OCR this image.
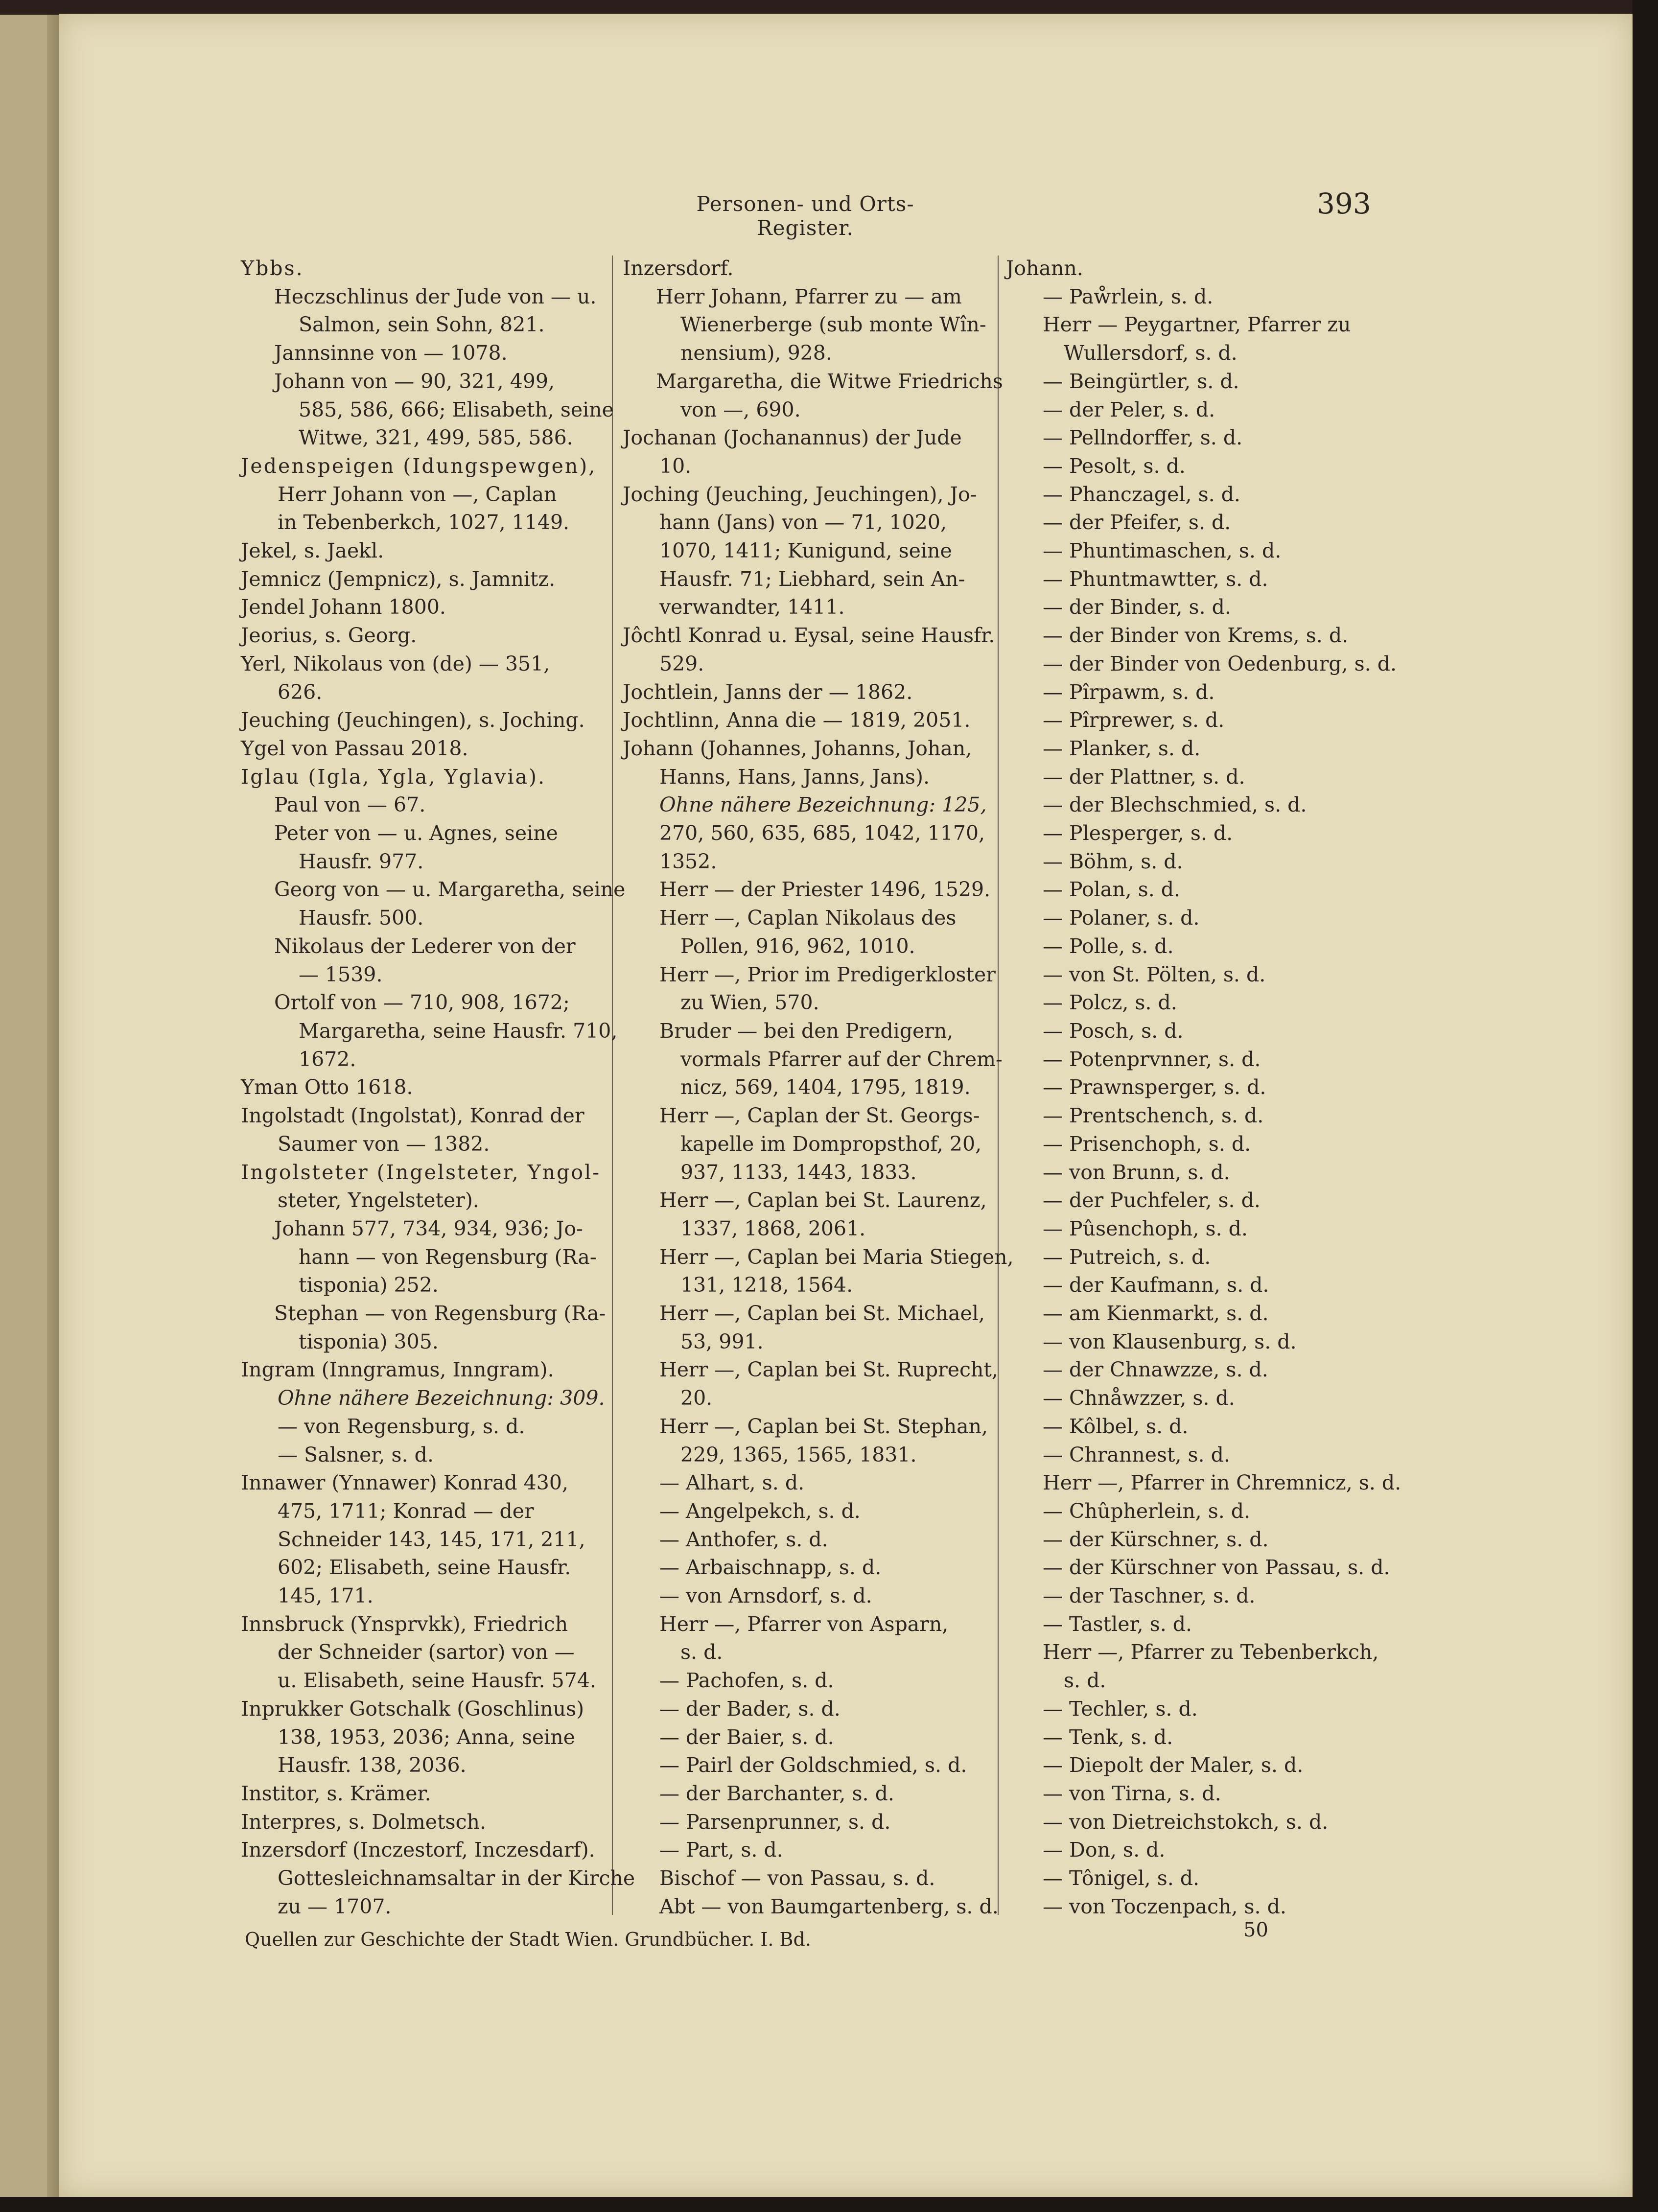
Personen- und Orts-Register.
393
Ybbs.
Heczschlinus der Jude von — u.
Salmon, sein Sohn, 821.
Jannsinne von — 1078.
Johann von — 90, 321, 499,
585, 586, 666; Elisabeth, seine
Witwe, 321, 499, 585, 586.
Jedenspeigen (Idungspewgen),
Herr Johann von —, Caplan
in Tebenberkch, 1027, 1149.
Jekel, s. Jaekl.
Jemnicz (Jempnicz), s. Jamnitz.
Jendel Johann 1800.
Jeorius, s. Georg.
Yerl, Nikolaus von (de) — 351,
626.
Jeuching (Jeuchingen), s. Joching.
Ygel von Passau 2018.
Iglau (Igla, Ygla, Yglavia).
Paul von — 67.
Peter von — u. Agnes, seine
Hausfr. 977.
Georg von — u. Margaretha, seine
Hausfr. 500.
Nikolaus der Lederer von der
— 1539.
Ortolf von — 710, 908, 1672;
Margaretha, seine Hausfr. 710,
1672.
Yman Otto 1618.
Ingolstadt (Ingolstat), Konrad der
Saumer von — 1382.
Ingolsteter (Ingelsteter, Yngol-
steter, Yngelsteter).
Johann 577, 734, 934, 936; Jo-
hann — von Regensburg (Ra-
tisponia) 252.
Stephan — von Regensburg (Ra-
tisponia) 305.
Ingram (Inngramus, Inngram).
Ohne nähere Bezeichnung: 309.
— von Regensburg, s. d.
— Salsner, s. d.
Innawer (Ynnawer) Konrad 430,
475, 1711; Konrad — der
Schneider 143, 145, 171, 211,
602; Elisabeth, seine Hausfr.
145, 171.
Innsbruck (Ynsprvkk), Friedrich
der Schneider (sartor) von —
u. Elisabeth, seine Hausfr. 574.
Inprukker Gotschalk (Goschlinus)
138, 1953, 2036; Anna, seine
Hausfr. 138, 2036.
Institor, s. Krämer.
Interpres, s. Dolmetsch.
Inzersdorf (Inczestorf, Inczesdarf).
Gottesleichnamsaltar in der Kirche
zu — 1707.
Inzersdorf.
Herr Johann, Pfarrer zu — am
Wienerberge (sub monte Wîn-
nensium), 928.
Margaretha, die Witwe Friedrichs
von —, 690.
Jochanan (Jochanannus) der Jude
10.
Joching (Jeuching, Jeuchingen), Jo-
hann (Jans) von — 71, 1020,
1070, 1411; Kunigund, seine
Hausfr. 71; Liebhard, sein An-
verwandter, 1411.
Jôchtl Konrad u. Eysal, seine Hausfr.
529.
Jochtlein, Janns der — 1862.
Jochtlinn, Anna die — 1819, 2051.
Johann (Johannes, Johanns, Johan,
Hanns, Hans, Janns, Jans).
Ohne nähere Bezeichnung: 125,
270, 560, 635, 685, 1042, 1170,
1352.
Herr — der Priester 1496, 1529.
Herr —, Caplan Nikolaus des
Pollen, 916, 962, 1010.
Herr —, Prior im Predigerkloster
zu Wien, 570.
Bruder — bei den Predigern,
vormals Pfarrer auf der Chrem-
nicz, 569, 1404, 1795, 1819.
Herr —, Caplan der St. Georgs-
kapelle im Dompropsthof, 20,
937, 1133, 1443, 1833.
Herr —, Caplan bei St. Laurenz,
1337, 1868, 2061.
Herr —, Caplan bei Maria Stiegen,
131, 1218, 1564.
Herr —, Caplan bei St. Michael,
53, 991.
Herr —, Caplan bei St. Ruprecht,
20.
Herr —, Caplan bei St. Stephan,
229, 1365, 1565, 1831.
— Alhart, s. d.
— Angelpekch, s. d.
— Anthofer, s. d.
— Arbaischnapp, s. d.
— von Arnsdorf, s. d.
Herr —, Pfarrer von Asparn,
s. d.
— Pachofen, s. d.
— der Bader, s. d.
— der Baier, s. d.
— Pairl der Goldschmied, s. d.
— der Barchanter, s. d.
— Parsenprunner, s. d.
— Part, s. d.
Bischof — von Passau, s. d.
Abt — von Baumgartenberg, s. d.
Johann.
— Paẘrlein, s. d.
Herr — Peygartner, Pfarrer zu
Wullersdorf, s. d.
— Beingürtler, s. d.
— der Peler, s. d.
— Pellndorffer, s. d.
— Pesolt, s. d.
— Phanczagel, s. d.
— der Pfeifer, s. d.
— Phuntimaschen, s. d.
— Phuntmawtter, s. d.
— der Binder, s. d.
— der Binder von Krems, s. d.
— der Binder von Oedenburg, s. d.
— Pîrpawm, s. d.
— Pîrprewer, s. d.
— Planker, s. d.
— der Plattner, s. d.
— der Blechschmied, s. d.
— Plesperger, s. d.
— Böhm, s. d.
— Polan, s. d.
— Polaner, s. d.
— Polle, s. d.
— von St. Pölten, s. d.
— Polcz, s. d.
— Posch, s. d.
— Potenprvnner, s. d.
— Prawnsperger, s. d.
— Prentschench, s. d.
— Prisenchoph, s. d.
— von Brunn, s. d.
— der Puchfeler, s. d.
— Pûsenchoph, s. d.
— Putreich, s. d.
— der Kaufmann, s. d.
— am Kienmarkt, s. d.
— von Klausenburg, s. d.
— der Chnawzze, s. d.
— Chnåwzzer, s. d.
— Kôlbel, s. d.
— Chrannest, s. d.
Herr —, Pfarrer in Chremnicz, s. d.
— Chûpherlein, s. d.
— der Kürschner, s. d.
— der Kürschner von Passau, s. d.
— der Taschner, s. d.
— Tastler, s. d.
Herr —, Pfarrer zu Tebenberkch,
s. d.
— Techler, s. d.
— Tenk, s. d.
— Diepolt der Maler, s. d.
— von Tirna, s. d.
— von Dietreichstokch, s. d.
— Don, s. d.
— Tônigel, s. d.
— von Toczenpach, s. d.
Quellen zur Geschichte der Stadt Wien. Grundbücher. I. Bd.	50
